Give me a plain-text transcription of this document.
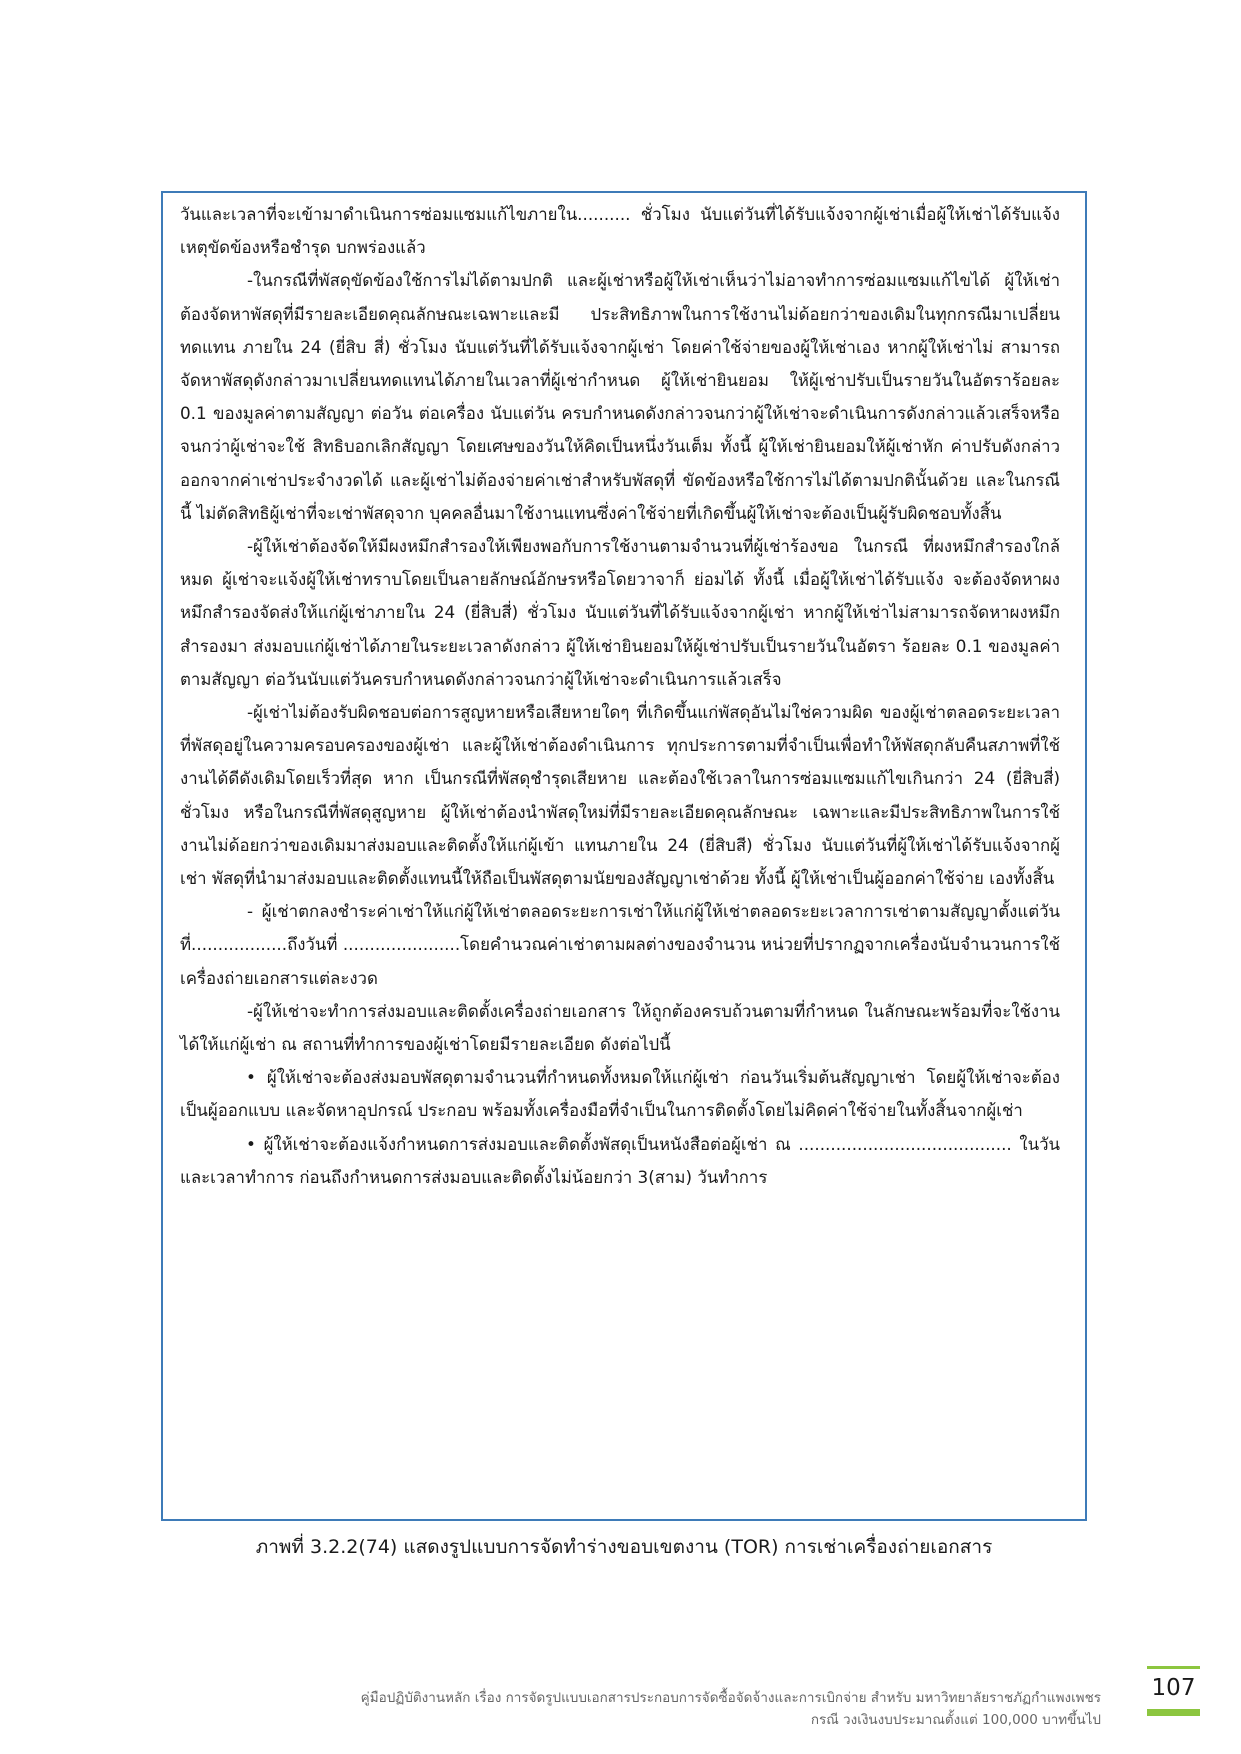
วันและเวลาที่จะเข้ามาดำเนินการซ่อมแซมแก้ไขภายใน.......... ชั่วโมง นับแต่วันที่ได้รับแจ้งจากผู้เช่าเมื่อผู้ให้เช่าได้รับแจ้งเหตุขัดข้องหรือชำรุด บกพร่องแล้ว

-ในกรณีที่พัสดุขัดข้องใช้การไม่ได้ตามปกติ และผู้เช่าหรือผู้ให้เช่าเห็นว่าไม่อาจทำการซ่อมแซมแก้ไขได้ ผู้ให้เช่าต้องจัดหาพัสดุที่มีรายละเอียดคุณลักษณะเฉพาะและมี ประสิทธิภาพในการใช้งานไม่ด้อยกว่าของเดิมในทุกกรณีมาเปลี่ยนทดแทน ภายใน 24 (ยี่สิบ สี่) ชั่วโมง นับแต่วันที่ได้รับแจ้งจากผู้เช่า โดยค่าใช้จ่ายของผู้ให้เช่าเอง หากผู้ให้เช่าไม่ สามารถจัดหาพัสดุดังกล่าวมาเปลี่ยนทดแทนได้ภายในเวลาที่ผู้เช่ากำหนด ผู้ให้เช่ายินยอม ให้ผู้เช่าปรับเป็นรายวันในอัตราร้อยละ 0.1 ของมูลค่าตามสัญญา ต่อวัน ต่อเครื่อง นับแต่วัน ครบกำหนดดังกล่าวจนกว่าผู้ให้เช่าจะดำเนินการดังกล่าวแล้วเสร็จหรือจนกว่าผู้เช่าจะใช้ สิทธิบอกเลิกสัญญา โดยเศษของวันให้คิดเป็นหนึ่งวันเต็ม ทั้งนี้ ผู้ให้เช่ายินยอมให้ผู้เช่าหัก ค่าปรับดังกล่าวออกจากค่าเช่าประจำงวดได้ และผู้เช่าไม่ต้องจ่ายค่าเช่าสำหรับพัสดุที่ ขัดข้องหรือใช้การไม่ได้ตามปกตินั้นด้วย และในกรณีนี้ ไม่ตัดสิทธิผู้เช่าที่จะเช่าพัสดุจาก บุคคลอื่นมาใช้งานแทนซึ่งค่าใช้จ่ายที่เกิดขึ้นผู้ให้เช่าจะต้องเป็นผู้รับผิดชอบทั้งสิ้น

-ผู้ให้เช่าต้องจัดให้มีผงหมึกสำรองให้เพียงพอกับการใช้งานตามจำนวนที่ผู้เช่าร้องขอ ในกรณี ที่ผงหมึกสำรองใกล้หมด ผู้เช่าจะแจ้งผู้ให้เช่าทราบโดยเป็นลายลักษณ์อักษรหรือโดยวาจาก็ ย่อมได้ ทั้งนี้ เมื่อผู้ให้เช่าได้รับแจ้ง จะต้องจัดหาผงหมึกสำรองจัดส่งให้แก่ผู้เช่าภายใน 24 (ยี่สิบสี่) ชั่วโมง นับแต่วันที่ได้รับแจ้งจากผู้เช่า หากผู้ให้เช่าไม่สามารถจัดหาผงหมึกสำรองมา ส่งมอบแก่ผู้เช่าได้ภายในระยะเวลาดังกล่าว ผู้ให้เช่ายินยอมให้ผู้เช่าปรับเป็นรายวันในอัตรา ร้อยละ 0.1 ของมูลค่าตามสัญญา ต่อวันนับแต่วันครบกำหนดดังกล่าวจนกว่าผู้ให้เช่าจะดำเนินการแล้วเสร็จ

-ผู้เช่าไม่ต้องรับผิดชอบต่อการสูญหายหรือเสียหายใดๆ ที่เกิดขึ้นแก่พัสดุอันไม่ใช่ความผิด ของผู้เช่าตลอดระยะเวลาที่พัสดุอยู่ในความครอบครองของผู้เช่า และผู้ให้เช่าต้องดำเนินการ ทุกประการตามที่จำเป็นเพื่อทำให้พัสดุกลับคืนสภาพที่ใช้งานได้ดีดังเดิมโดยเร็วที่สุด หาก เป็นกรณีที่พัสดุชำรุดเสียหาย และต้องใช้เวลาในการซ่อมแซมแก้ไขเกินกว่า 24 (ยี่สิบสี่) ชั่วโมง หรือในกรณีที่พัสดุสูญหาย ผู้ให้เช่าต้องนำพัสดุใหม่ที่มีรายละเอียดคุณลักษณะ เฉพาะและมีประสิทธิภาพในการใช้งานไม่ด้อยกว่าของเดิมมาส่งมอบและติดตั้งให้แก่ผู้เข้า แทนภายใน 24 (ยี่สิบสี) ชั่วโมง นับแต่วันที่ผู้ให้เช่าได้รับแจ้งจากผู้เช่า พัสดุที่นำมาส่งมอบและติดตั้งแทนนี้ให้ถือเป็นพัสดุตามนัยของสัญญาเช่าด้วย ทั้งนี้ ผู้ให้เช่าเป็นผู้ออกค่าใช้จ่าย เองทั้งสิ้น

- ผู้เช่าตกลงชำระค่าเช่าให้แก่ผู้ให้เช่าตลอดระยะการเช่าให้แก่ผู้ให้เช่าตลอดระยะเวลาการเช่าตามสัญญาตั้งแต่วันที่..................ถึงวันที่ ......................โดยคำนวณค่าเช่าตามผลต่างของจำนวน หน่วยที่ปรากฏจากเครื่องนับจำนวนการใช้เครื่องถ่ายเอกสารแต่ละงวด

-ผู้ให้เช่าจะทำการส่งมอบและติดตั้งเครื่องถ่ายเอกสาร ให้ถูกต้องครบถ้วนตามที่กำหนด ในลักษณะพร้อมที่จะใช้งานได้ให้แก่ผู้เช่า ณ สถานที่ทำการของผู้เช่าโดยมีรายละเอียด ดังต่อไปนี้

• ผู้ให้เช่าจะต้องส่งมอบพัสดุตามจำนวนที่กำหนดทั้งหมดให้แก่ผู้เช่า ก่อนวันเริ่มต้นสัญญาเช่า โดยผู้ให้เช่าจะต้องเป็นผู้ออกแบบ และจัดหาอุปกรณ์ ประกอบ พร้อมทั้งเครื่องมือที่จำเป็นในการติดตั้งโดยไม่คิดค่าใช้จ่ายในทั้งสิ้นจากผู้เช่า

• ผู้ให้เช่าจะต้องแจ้งกำหนดการส่งมอบและติดตั้งพัสดุเป็นหนังสือต่อผู้เช่า ณ ........................................ ในวันและเวลาทำการ ก่อนถึงกำหนดการส่งมอบและติดตั้งไม่น้อยกว่า 3(สาม) วันทำการ

ภาพที่ 3.2.2(74) แสดงรูปแบบการจัดทำร่างขอบเขตงาน (TOR) การเช่าเครื่องถ่ายเอกสาร
คู่มือปฏิบัติงานหลัก เรื่อง การจัดรูปแบบเอกสารประกอบการจัดซื้อจัดจ้างและการเบิกจ่าย สำหรับ มหาวิทยาลัยราชภัฏกำแพงเพชร
กรณี วงเงินงบประมาณตั้งแต่ 100,000 บาทขึ้นไป
107
